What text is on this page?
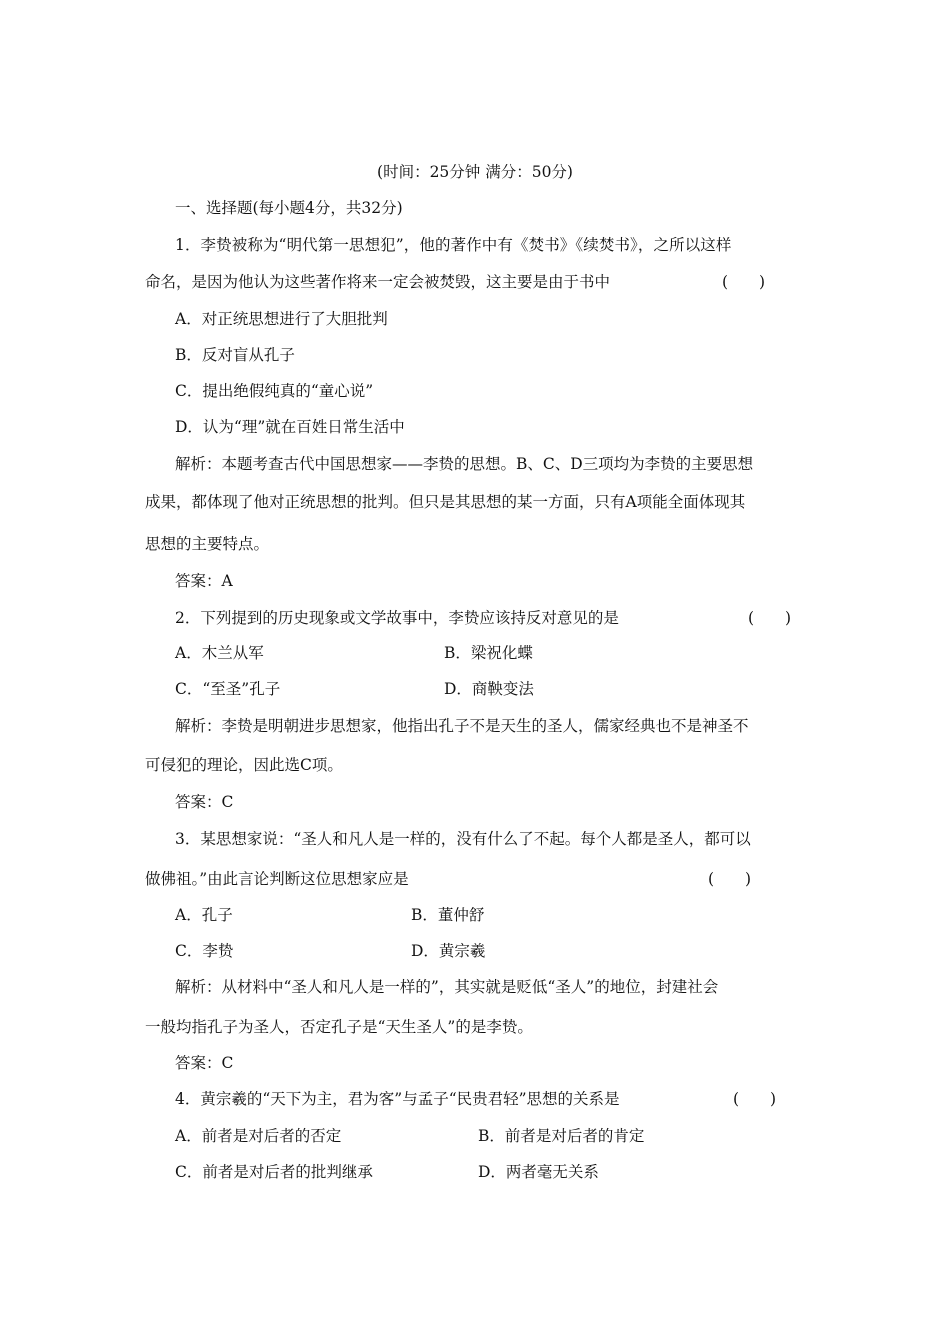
(时间：25分钟 满分：50分)
一、选择题(每小题4分，共32分)
1．李贽被称为“明代第一思想犯”，他的著作中有《焚书》《续焚书》，之所以这样
命名，是因为他认为这些著作将来一定会被焚毁，这主要是由于书中	(　　)
A．对正统思想进行了大胆批判
B．反对盲从孔子
C．提出绝假纯真的“童心说”
D．认为“理”就在百姓日常生活中
解析：本题考查古代中国思想家——李贽的思想。B、C、D三项均为李贽的主要思想
成果，都体现了他对正统思想的批判。但只是其思想的某一方面，只有A项能全面体现其
思想的主要特点。
答案：A
2．下列提到的历史现象或文学故事中，李贽应该持反对意见的是	(　　)
A．木兰从军	B．梁祝化蝶
C．“至圣”孔子	D．商鞅变法
解析：李贽是明朝进步思想家，他指出孔子不是天生的圣人，儒家经典也不是神圣不
可侵犯的理论，因此选C项。
答案：C
3．某思想家说：“圣人和凡人是一样的，没有什么了不起。每个人都是圣人，都可以
做佛祖。”由此言论判断这位思想家应是	(　　)
A．孔子	B．董仲舒
C．李贽	D．黄宗羲
解析：从材料中“圣人和凡人是一样的”，其实就是贬低“圣人”的地位，封建社会
一般均指孔子为圣人，否定孔子是“天生圣人”的是李贽。
答案：C
4．黄宗羲的“天下为主，君为客”与孟子“民贵君轻”思想的关系是	(　　)
A．前者是对后者的否定	B．前者是对后者的肯定
C．前者是对后者的批判继承	D．两者毫无关系
